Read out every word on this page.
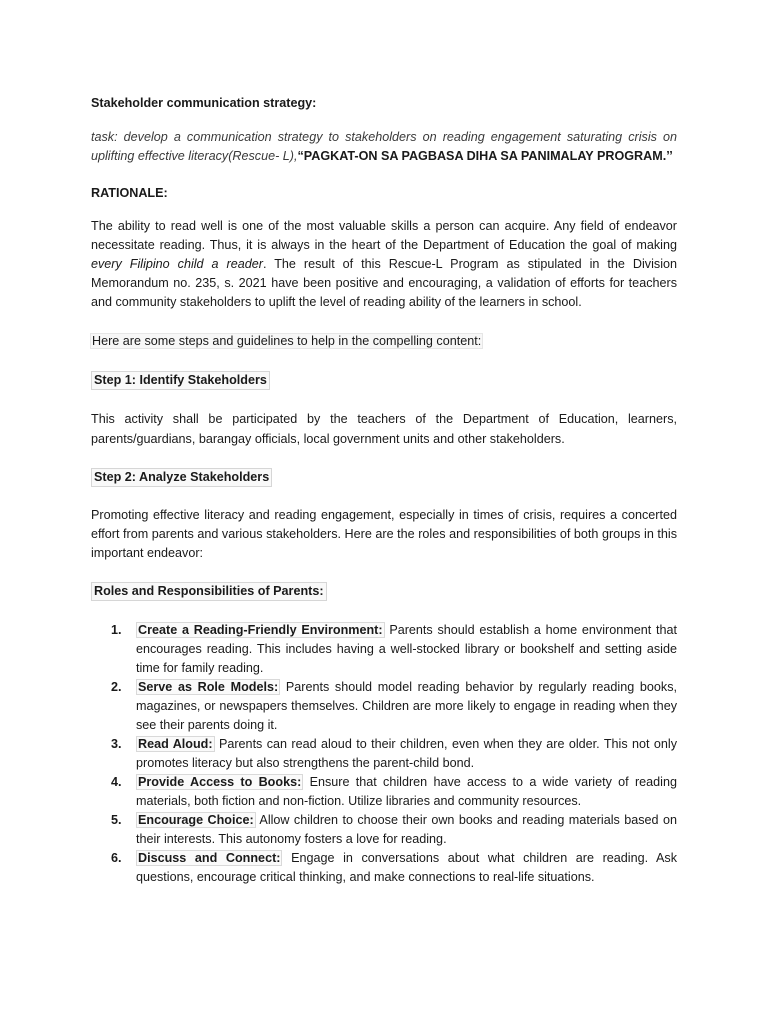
Stakeholder communication strategy:

task: develop a communication strategy to stakeholders on reading engagement saturating crisis on uplifting effective literacy(Rescue- L),“PAGKAT-ON SA PAGBASA DIHA SA PANIMALAY PROGRAM.’’

RATIONALE:

The ability to read well is one of the most valuable skills a person can acquire. Any field of endeavor necessitate reading. Thus, it is always in the heart of the Department of Education the goal of making every Filipino child a reader. The result of this Rescue-L Program as stipulated in the Division Memorandum no. 235, s. 2021 have been positive and encouraging, a validation of efforts for teachers and community stakeholders to uplift the level of reading ability of the learners in school.

Here are some steps and guidelines to help in the compelling content:

Step 1: Identify Stakeholders

This activity shall be participated by the teachers of the Department of Education, learners, parents/guardians, barangay officials, local government units and other stakeholders.

Step 2: Analyze Stakeholders

Promoting effective literacy and reading engagement, especially in times of crisis, requires a concerted effort from parents and various stakeholders. Here are the roles and responsibilities of both groups in this important endeavor:

Roles and Responsibilities of Parents:

1. Create a Reading-Friendly Environment: Parents should establish a home environment that encourages reading. This includes having a well-stocked library or bookshelf and setting aside time for family reading.
2. Serve as Role Models: Parents should model reading behavior by regularly reading books, magazines, or newspapers themselves. Children are more likely to engage in reading when they see their parents doing it.
3. Read Aloud: Parents can read aloud to their children, even when they are older. This not only promotes literacy but also strengthens the parent-child bond.
4. Provide Access to Books: Ensure that children have access to a wide variety of reading materials, both fiction and non-fiction. Utilize libraries and community resources.
5. Encourage Choice: Allow children to choose their own books and reading materials based on their interests. This autonomy fosters a love for reading.
6. Discuss and Connect: Engage in conversations about what children are reading. Ask questions, encourage critical thinking, and make connections to real-life situations.
